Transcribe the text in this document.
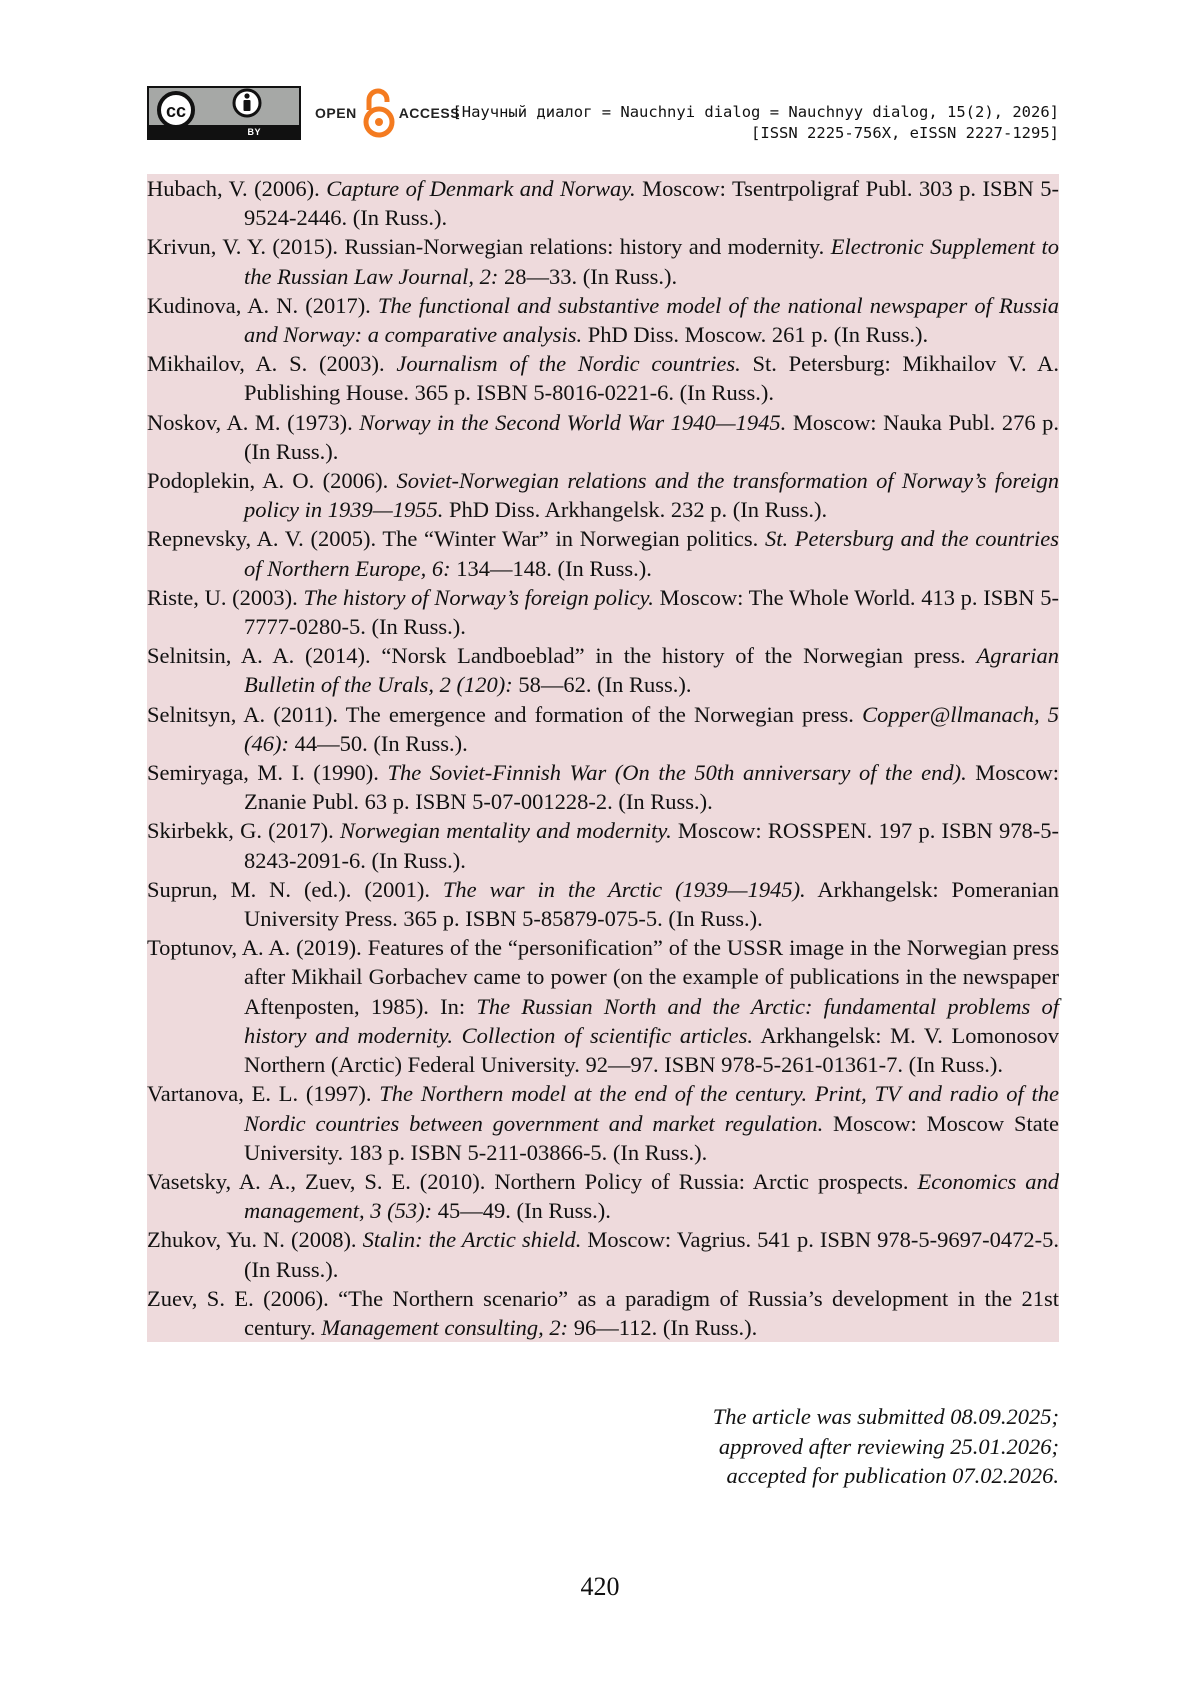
cc
BY
OPEN	ACCESS
[Научный диалог = Nauchnyi dialog = Nauchnyy dialog, 15(2), 2026]
[ISSN 2225-756X, eISSN 2227-1295]
Hubach, V. (2006). Capture of Denmark and Norway. Moscow: Tsentrpoligraf Publ. 303 p. ISBN 5-9524-2446. (In Russ.).
Krivun, V. Y. (2015). Russian-Norwegian relations: history and modernity. Electronic Supplement to the Russian Law Journal, 2: 28—33. (In Russ.).
Kudinova, A. N. (2017). The functional and substantive model of the national newspaper of Russia and Norway: a comparative analysis. PhD Diss. Moscow. 261 p. (In Russ.).
Mikhailov, A. S. (2003). Journalism of the Nordic countries. St. Petersburg: Mikhailov V. A. Publishing House. 365 p. ISBN 5-8016-0221-6. (In Russ.).
Noskov, A. M. (1973). Norway in the Second World War 1940—1945. Moscow: Nauka Publ. 276 p. (In Russ.).
Podoplekin, A. O. (2006). Soviet-Norwegian relations and the transformation of Norway’s foreign policy in 1939—1955. PhD Diss. Arkhangelsk. 232 p. (In Russ.).
Repnevsky, A. V. (2005). The “Winter War” in Norwegian politics. St. Petersburg and the countries of Northern Europe, 6: 134—148. (In Russ.).
Riste, U. (2003). The history of Norway’s foreign policy. Moscow: The Whole World. 413 p. ISBN 5-7777-0280-5. (In Russ.).
Selnitsin, A. A. (2014). “Norsk Landboeblad” in the history of the Norwegian press. Agrarian Bulletin of the Urals, 2 (120): 58—62. (In Russ.).
Selnitsyn, A. (2011). The emergence and formation of the Norwegian press. Copper@llmanach, 5 (46): 44—50. (In Russ.).
Semiryaga, M. I. (1990). The Soviet-Finnish War (On the 50th anniversary of the end). Moscow: Znanie Publ. 63 p. ISBN 5-07-001228-2. (In Russ.).
Skirbekk, G. (2017). Norwegian mentality and modernity. Moscow: ROSSPEN. 197 p. ISBN 978-5-8243-2091-6. (In Russ.).
Suprun, M. N. (ed.). (2001). The war in the Arctic (1939—1945). Arkhangelsk: Pomeranian University Press. 365 p. ISBN 5-85879-075-5. (In Russ.).
Toptunov, A. A. (2019). Features of the “personification” of the USSR image in the Norwegian press after Mikhail Gorbachev came to power (on the example of publications in the newspaper Aftenposten, 1985). In: The Russian North and the Arctic: fundamental problems of history and modernity. Collection of scientific articles. Arkhangelsk: M. V. Lomonosov Northern (Arctic) Federal University. 92—97. ISBN 978-5-261-01361-7. (In Russ.).
Vartanova, E. L. (1997). The Northern model at the end of the century. Print, TV and radio of the Nordic countries between government and market regulation. Moscow: Moscow State University. 183 p. ISBN 5-211-03866-5. (In Russ.).
Vasetsky, A. A., Zuev, S. E. (2010). Northern Policy of Russia: Arctic prospects. Economics and management, 3 (53): 45—49. (In Russ.).
Zhukov, Yu. N. (2008). Stalin: the Arctic shield. Moscow: Vagrius. 541 p. ISBN 978-5-9697-0472-5. (In Russ.).
Zuev, S. E. (2006). “The Northern scenario” as a paradigm of Russia’s development in the 21st century. Management consulting, 2: 96—112. (In Russ.).
The article was submitted 08.09.2025;
approved after reviewing 25.01.2026;
accepted for publication 07.02.2026.
420
